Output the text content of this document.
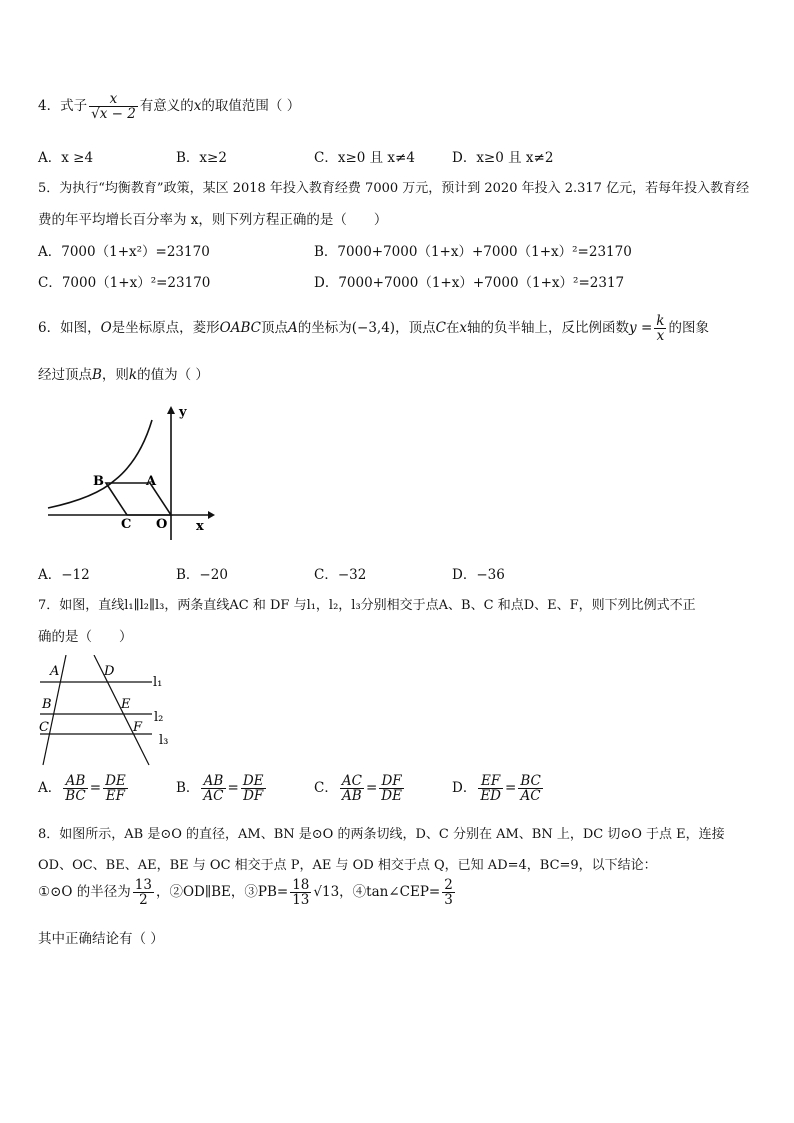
4．式子 $\frac{x}{√x - 2}$ 有意义的x的取值范围（ ）
A．x ≥4	B．x≥2	C．x≥0 且 x≠4	D．x≥0 且 x≠2
5．为执行“均衡教育”政策，某区 2018 年投入教育经费 7000 万元，预计到 2020 年投入 2.317 亿元，若每年投入教育经
费的年平均增长百分率为 x，则下列方程正确的是（　　）
A．7000（1+x²）=23170	B．7000+7000（1+x）+7000（1+x）²=23170
C．7000（1+x）²=23170	D．7000+7000（1+x）+7000（1+x）²=2317
6．如图，O是坐标原点，菱形OABC顶点A的坐标为(−3,4)，顶点C在x轴的负半轴上，反比例函数$y = \frac{k}{x}$ 的图象
经过顶点B，则k的值为（ ）
y
B	A
C O x
A．−12	B．−20	C．−32	D．−36
7．如图，直线l₁∥l₂∥l₃，两条直线AC 和 DF 与l₁，l₂，l₃分别相交于点A、B、C 和点D、E、F，则下列比例式不正
确的是（　　）
A	D
l₁
B	E
l₂
C	F
l₃
A． $\frac{AB}{BC} = \frac{DE}{EF}$	B． $\frac{AB}{AC} = \frac{DE}{DF}$	C． $\frac{AC}{AB} = \frac{DF}{DE}$	D． $\frac{EF}{ED} = \frac{BC}{AC}$
8．如图所示，AB 是⊙O 的直径，AM、BN 是⊙O 的两条切线，D、C 分别在 AM、BN 上，DC 切⊙O 于点 E，连接
OD、OC、BE、AE，BE 与 OC 相交于点 P，AE 与 OD 相交于点 Q，已知 AD=4，BC=9，以下结论：
①⊙O 的半径为 $\frac{13}{2}$ ，②OD∥BE，③PB= $\frac{18}{13} √13$，④tan∠CEP= $\frac{2}{3}$
其中正确结论有（ ）
